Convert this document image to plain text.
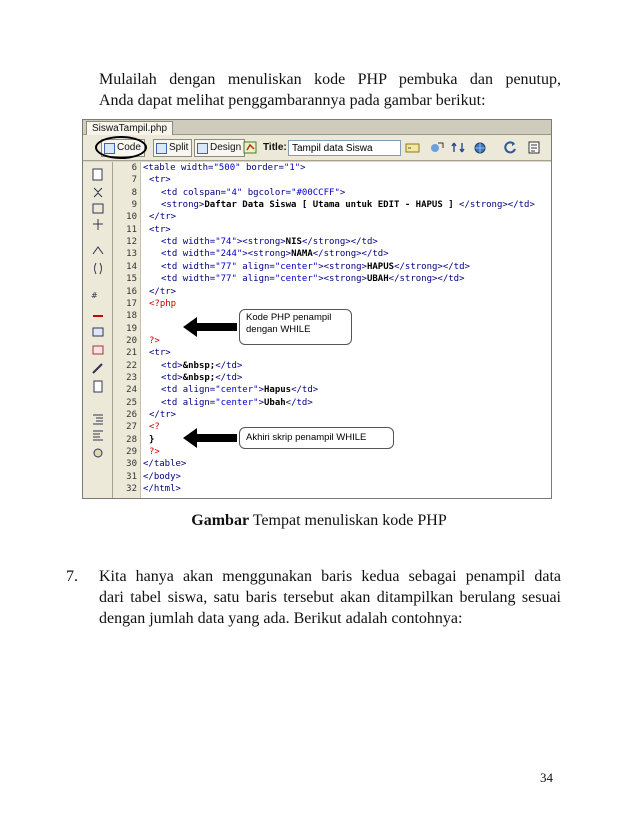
Mulailah dengan menuliskan kode PHP pembuka dan penutup,
Anda dapat melihat penggambarannya pada gambar berikut:
SiswaTampil.php
Code	Split Design Title:
Tampil data Siswa
#
<table width="500" border="1">
<tr>
<td colspan="4" bgcolor="#00CCFF">
<strong>Daftar Data Siswa [ Utama untuk EDIT - HAPUS ] </strong></td>
</tr>
<tr>
<td width="74"><strong>NIS</strong></td>
<td width="244"><strong>NAMA</strong></td>
<td width="77" align="center"><strong>HAPUS</strong></td>
<td width="77" align="center"><strong>UBAH</strong></td>
</tr>
<?php
?>
<tr>
<td>&nbsp;</td>
<td>&nbsp;</td>
<td align="center">Hapus</td>
<td align="center">Ubah</td>
</tr>
<?
}
?>
</table>
</body>
</html>
Kode PHP penampil
dengan WHILE
Akhiri skrip penampil WHILE
6
7
8
9
10
11
12
13
14
15
16
17
18
19
20
21
22
23
24
25
26
27
28
29
30
31
32
Gambar Tempat menuliskan kode PHP
7. Kita hanya akan menggunakan baris kedua sebagai penampil data
dari tabel siswa, satu baris tersebut akan ditampilkan berulang sesuai
dengan jumlah data yang ada. Berikut adalah contohnya:
34
